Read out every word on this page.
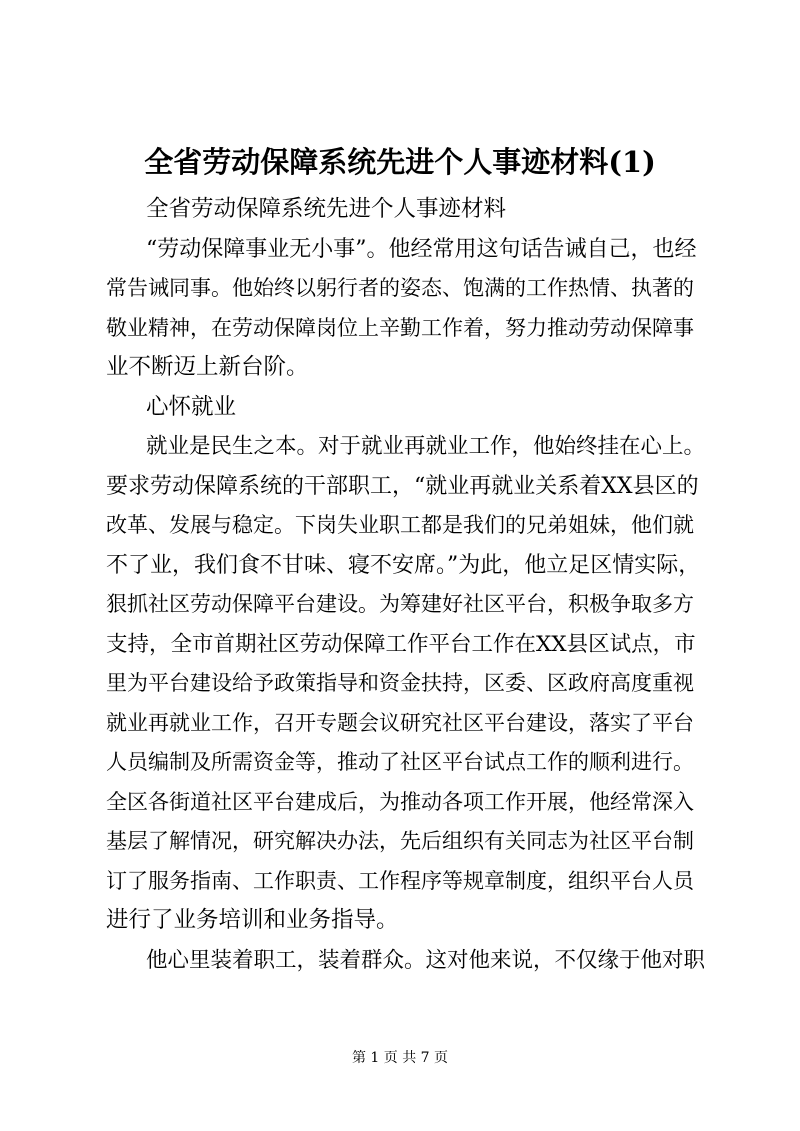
全省劳动保障系统先进个人事迹材料(1)
全省劳动保障系统先进个人事迹材料
“劳动保障事业无小事”。他经常用这句话告诫自己，也经
常告诫同事。他始终以躬行者的姿态、饱满的工作热情、执著的
敬业精神，在劳动保障岗位上辛勤工作着，努力推动劳动保障事
业不断迈上新台阶。
心怀就业
就业是民生之本。对于就业再就业工作，他始终挂在心上。
要求劳动保障系统的干部职工，“就业再就业关系着XX县区的
改革、发展与稳定。下岗失业职工都是我们的兄弟姐妹，他们就
不了业，我们食不甘味、寝不安席。”为此，他立足区情实际，
狠抓社区劳动保障平台建设。为筹建好社区平台，积极争取多方
支持，全市首期社区劳动保障工作平台工作在XX县区试点，市
里为平台建设给予政策指导和资金扶持，区委、区政府高度重视
就业再就业工作，召开专题会议研究社区平台建设，落实了平台
人员编制及所需资金等，推动了社区平台试点工作的顺利进行。
全区各街道社区平台建成后，为推动各项工作开展，他经常深入
基层了解情况，研究解决办法，先后组织有关同志为社区平台制
订了服务指南、工作职责、工作程序等规章制度，组织平台人员
进行了业务培训和业务指导。
他心里装着职工，装着群众。这对他来说，不仅缘于他对职
第 1 页 共 7 页
